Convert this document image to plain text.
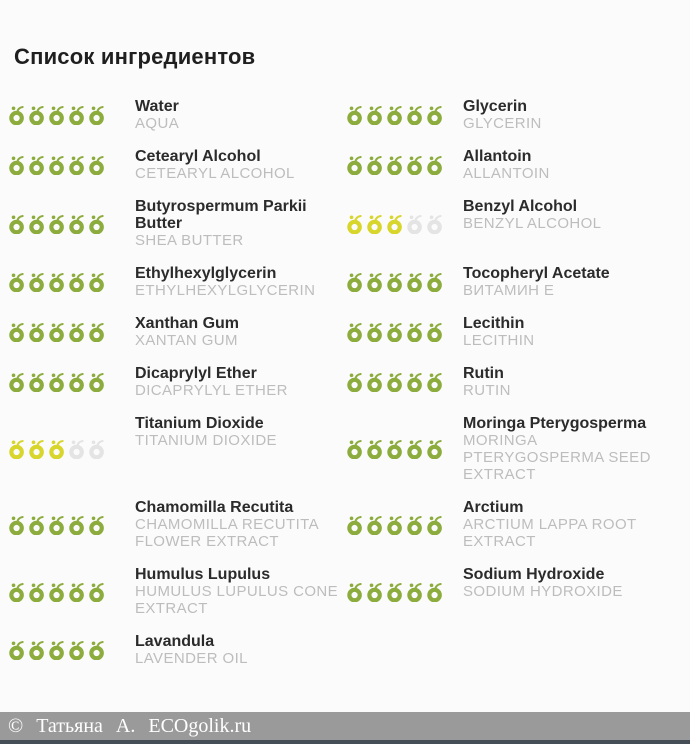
Список ингредиентов
Water
AQUA
Glycerin
GLYCERIN
Cetearyl Alcohol
CETEARYL ALCOHOL
Allantoin
ALLANTOIN
Butyrospermum Parkii Butter
SHEA BUTTER
Benzyl Alcohol
BENZYL ALCOHOL
Ethylhexylglycerin
ETHYLHEXYLGLYCERIN
Tocopheryl Acetate
ВИТАМИН Е
Xanthan Gum
XANTAN GUM
Lecithin
LECITHIN
Dicaprylyl Ether
DICAPRYLYL ETHER
Rutin
RUTIN
Titanium Dioxide
TITANIUM DIOXIDE
Moringa Pterygosperma
MORINGA PTERYGOSPERMA SEED EXTRACT
Chamomilla Recutita
CHAMOMILLA RECUTITA FLOWER EXTRACT
Arctium
ARCTIUM LAPPA ROOT EXTRACT
Humulus Lupulus
HUMULUS LUPULUS CONE EXTRACT
Sodium Hydroxide
SODIUM HYDROXIDE
Lavandula
LAVENDER OIL
© Татьяна А. ECOgolik.ru
